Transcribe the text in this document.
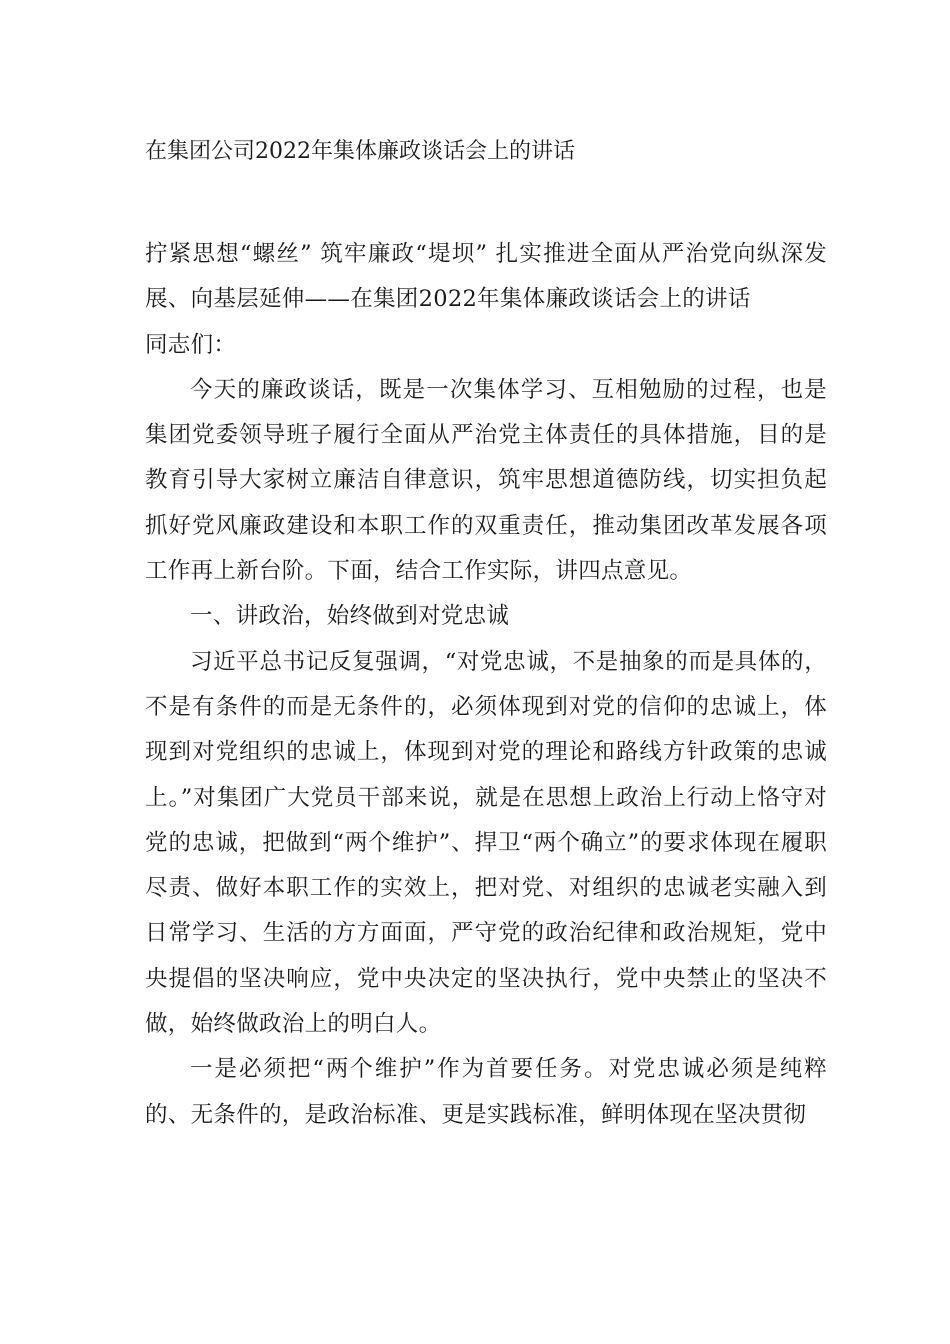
在集团公司2022年集体廉政谈话会上的讲话

拧紧思想“螺丝” 筑牢廉政“堤坝” 扎实推进全面从严治党向纵深发展、向基层延伸——在集团2022年集体廉政谈话会上的讲话

同志们：

今天的廉政谈话，既是一次集体学习、互相勉励的过程，也是集团党委领导班子履行全面从严治党主体责任的具体措施，目的是教育引导大家树立廉洁自律意识，筑牢思想道德防线，切实担负起抓好党风廉政建设和本职工作的双重责任，推动集团改革发展各项工作再上新台阶。下面，结合工作实际，讲四点意见。

一、讲政治，始终做到对党忠诚

习近平总书记反复强调，“对党忠诚，不是抽象的而是具体的，不是有条件的而是无条件的，必须体现到对党的信仰的忠诚上，体现到对党组织的忠诚上，体现到对党的理论和路线方针政策的忠诚上。”对集团广大党员干部来说，就是在思想上政治上行动上恪守对党的忠诚，把做到“两个维护”、捍卫“两个确立”的要求体现在履职尽责、做好本职工作的实效上，把对党、对组织的忠诚老实融入到日常学习、生活的方方面面，严守党的政治纪律和政治规矩，党中央提倡的坚决响应，党中央决定的坚决执行，党中央禁止的坚决不做，始终做政治上的明白人。

一是必须把“两个维护”作为首要任务。对党忠诚必须是纯粹的、无条件的，是政治标准、更是实践标准，鲜明体现在坚决贯彻
